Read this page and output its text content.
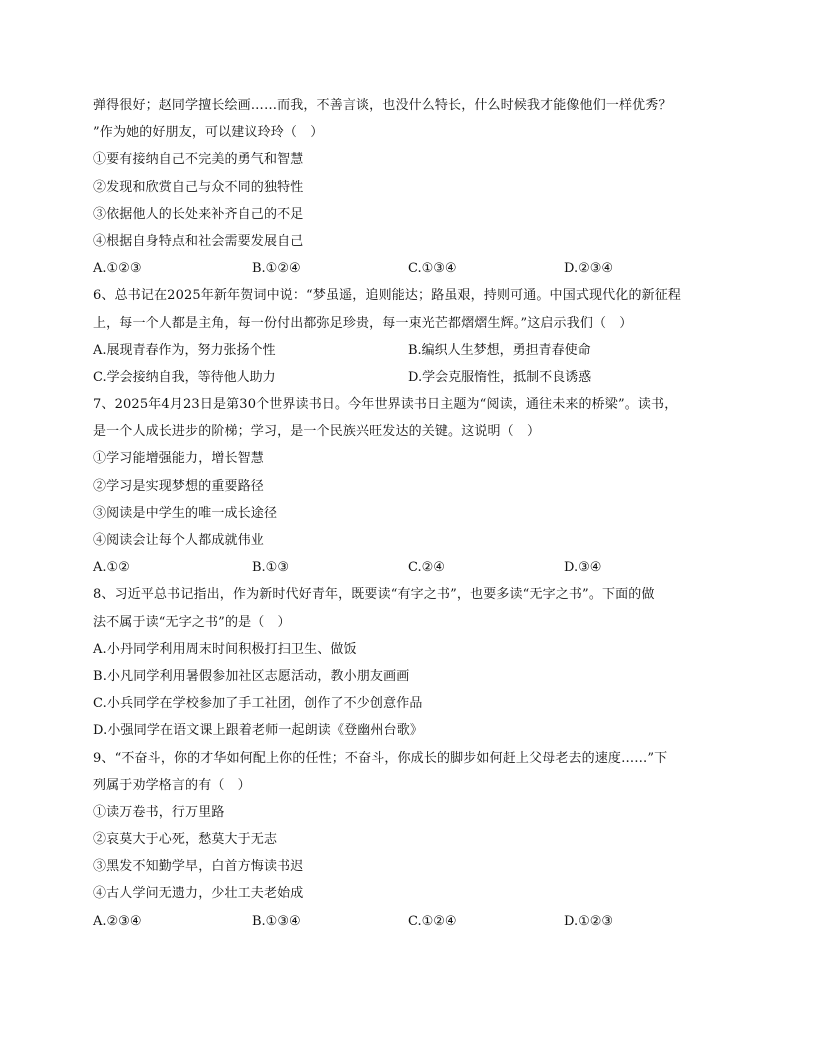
弹得很好；赵同学擅长绘画……而我，不善言谈，也没什么特长，什么时候我才能像他们一样优秀？
”作为她的好朋友，可以建议玲玲（　）
①要有接纳自己不完美的勇气和智慧
②发现和欣赏自己与众不同的独特性
③依据他人的长处来补齐自己的不足
④根据自身特点和社会需要发展自己
A.①②③	B.①②④	C.①③④	D.②③④
6、总书记在2025年新年贺词中说：“梦虽遥，追则能达；路虽艰，持则可通。中国式现代化的新征程
上，每一个人都是主角，每一份付出都弥足珍贵，每一束光芒都熠熠生辉。”这启示我们（　）
A.展现青春作为，努力张扬个性	B.编织人生梦想，勇担青春使命
C.学会接纳自我，等待他人助力	D.学会克服惰性，抵制不良诱惑
7、2025年4月23日是第30个世界读书日。今年世界读书日主题为“阅读，通往未来的桥梁”。读书，
是一个人成长进步的阶梯；学习，是一个民族兴旺发达的关键。这说明（　）
①学习能增强能力，增长智慧
②学习是实现梦想的重要路径
③阅读是中学生的唯一成长途径
④阅读会让每个人都成就伟业
A.①②	B.①③	C.②④	D.③④
8、习近平总书记指出，作为新时代好青年，既要读“有字之书”，也要多读“无字之书”。下面的做
法不属于读“无字之书”的是（　）
A.小丹同学利用周末时间积极打扫卫生、做饭
B.小凡同学利用暑假参加社区志愿活动，教小朋友画画
C.小兵同学在学校参加了手工社团，创作了不少创意作品
D.小强同学在语文课上跟着老师一起朗读《登幽州台歌》
9、“不奋斗，你的才华如何配上你的任性；不奋斗，你成长的脚步如何赶上父母老去的速度……”下
列属于劝学格言的有（　）
①读万卷书，行万里路
②哀莫大于心死，愁莫大于无志
③黑发不知勤学早，白首方悔读书迟
④古人学问无遗力，少壮工夫老始成
A.②③④	B.①③④	C.①②④	D.①②③
